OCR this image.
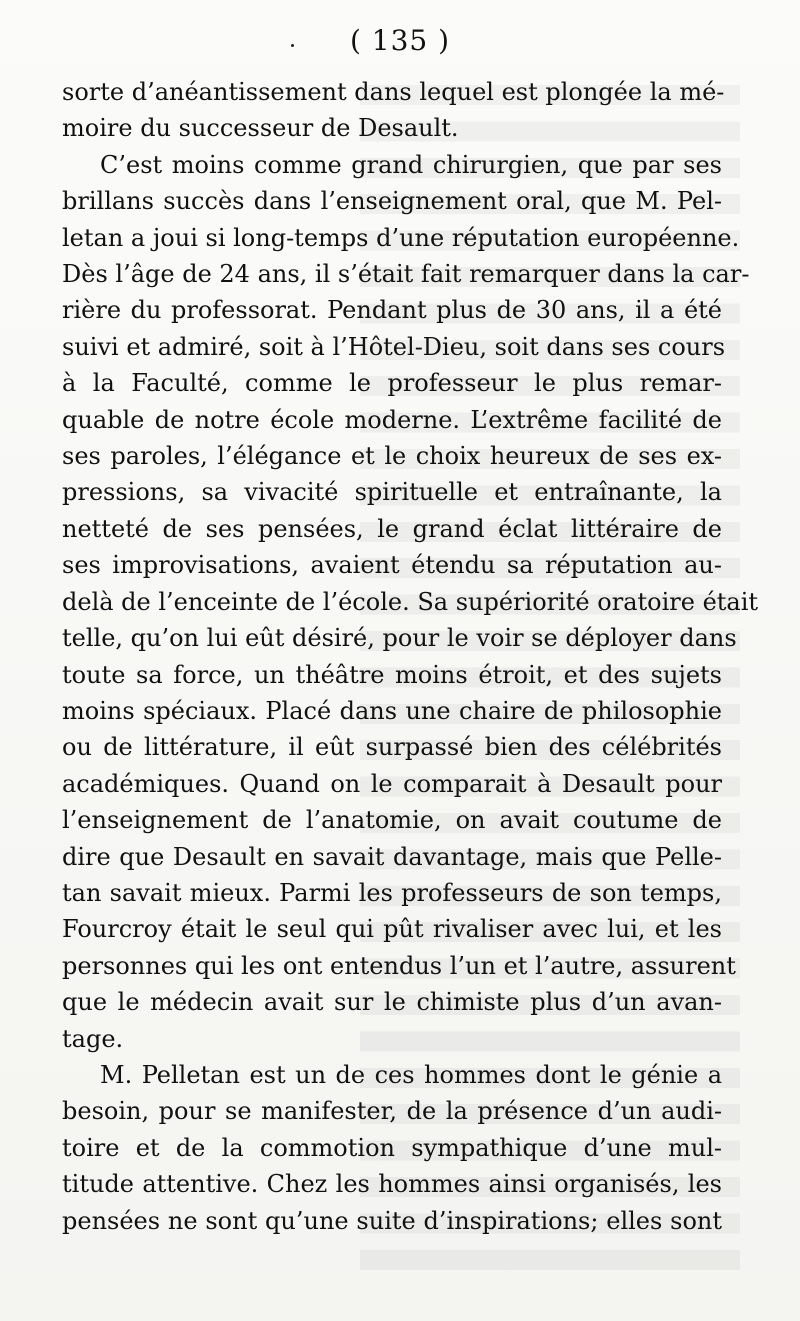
( 135 )
sorte d’anéantissement dans lequel est plongée la mé-
moire du successeur de Desault.
C’est moins comme grand chirurgien, que par ses
brillans succès dans l’enseignement oral, que M. Pel-
letan a joui si long-temps d’une réputation européenne.
Dès l’âge de 24 ans, il s’était fait remarquer dans la car-
rière du professorat. Pendant plus de 30 ans, il a été
suivi et admiré, soit à l’Hôtel-Dieu, soit dans ses cours
à la Faculté, comme le professeur le plus remar-
quable de notre école moderne. L’extrême facilité de
ses paroles, l’élégance et le choix heureux de ses ex-
pressions, sa vivacité spirituelle et entraînante, la
netteté de ses pensées, le grand éclat littéraire de
ses improvisations, avaient étendu sa réputation au-
delà de l’enceinte de l’école. Sa supériorité oratoire était
telle, qu’on lui eût désiré, pour le voir se déployer dans
toute sa force, un théâtre moins étroit, et des sujets
moins spéciaux. Placé dans une chaire de philosophie
ou de littérature, il eût surpassé bien des célébrités
académiques. Quand on le comparait à Desault pour
l’enseignement de l’anatomie, on avait coutume de
dire que Desault en savait davantage, mais que Pelle-
tan savait mieux. Parmi les professeurs de son temps,
Fourcroy était le seul qui pût rivaliser avec lui, et les
personnes qui les ont entendus l’un et l’autre, assurent
que le médecin avait sur le chimiste plus d’un avan-
tage.
M. Pelletan est un de ces hommes dont le génie a
besoin, pour se manifester, de la présence d’un audi-
toire et de la commotion sympathique d’une mul-
titude attentive. Chez les hommes ainsi organisés, les
pensées ne sont qu’une suite d’inspirations; elles sont
